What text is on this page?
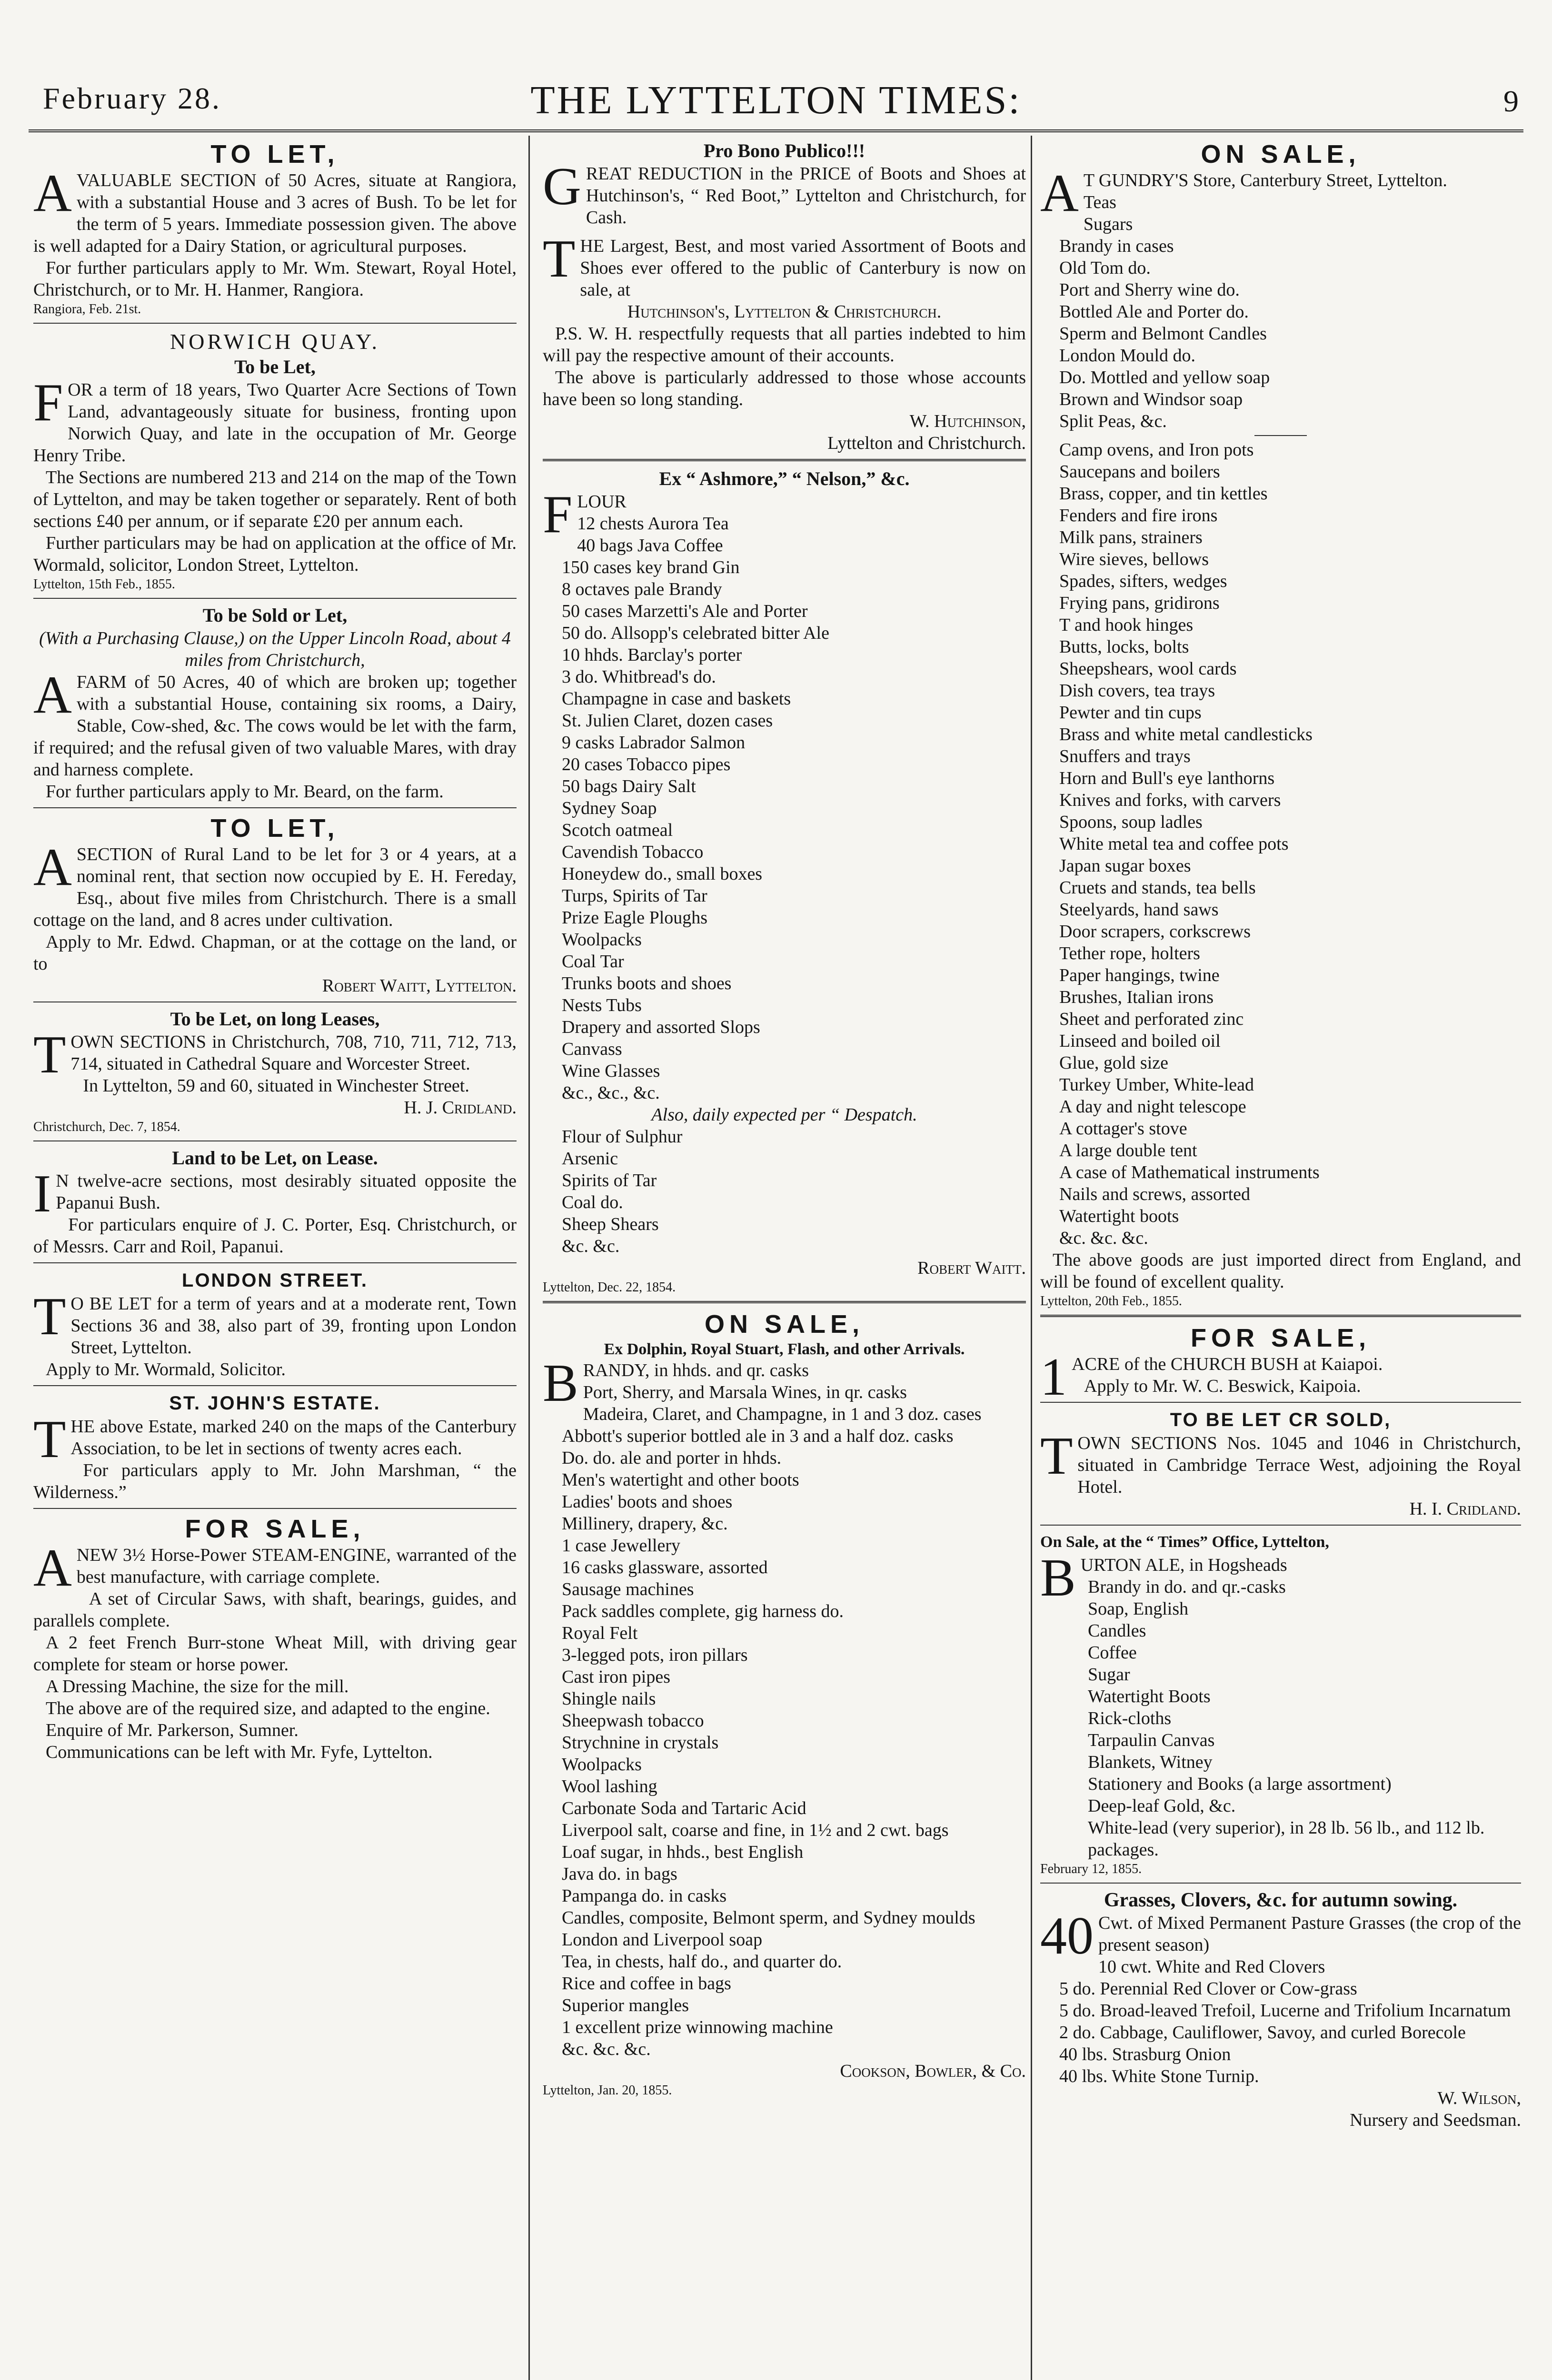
February 28.	THE LYTTELTON TIMES:	9
TO LET,

A VALUABLE SECTION of 50 Acres, situate at Rangiora, with a substantial House and 3 acres of Bush. To be let for the term of 5 years. Immediate possession given. The above is well adapted for a Dairy Station, or agricultural purposes.

For further particulars apply to Mr. Wm. Stewart, Royal Hotel, Christchurch, or to Mr. H. Hanmer, Rangiora.

Rangiora, Feb. 21st.
NORWICH QUAY.
To be Let,

FOR a term of 18 years, Two Quarter Acre Sections of Town Land, advantageously situate for business, fronting upon Norwich Quay, and late in the occupation of Mr. George Henry Tribe.

The Sections are numbered 213 and 214 on the map of the Town of Lyttelton, and may be taken together or separately. Rent of both sections £40 per annum, or if separate £20 per annum each.

Further particulars may be had on application at the office of Mr. Wormald, solicitor, London Street, Lyttelton.

Lyttelton, 15th Feb., 1855.
To be Sold or Let,
(With a Purchasing Clause,) on the Upper Lincoln Road, about 4 miles from Christchurch,

A FARM of 50 Acres, 40 of which are broken up; together with a substantial House, containing six rooms, a Dairy, Stable, Cow-shed, &c. The cows would be let with the farm, if required; and the refusal given of two valuable Mares, with dray and harness complete.

For further particulars apply to Mr. Beard, on the farm.

TO LET,

A SECTION of Rural Land to be let for 3 or 4 years, at a nominal rent, that section now occupied by E. H. Fereday, Esq., about five miles from Christchurch. There is a small cottage on the land, and 8 acres under cultivation.

Apply to Mr. Edwd. Chapman, or at the cottage on the land, or to

Robert Waitt, Lyttelton.
To be Let, on long Leases,

TOWN SECTIONS in Christchurch, 708, 710, 711, 712, 713, 714, situated in Cathedral Square and Worcester Street.

In Lyttelton, 59 and 60, situated in Winchester Street.

H. J. Cridland.
Christchurch, Dec. 7, 1854.
Land to be Let, on Lease.

I N twelve-acre sections, most desirably situated opposite the Papanui Bush.

For particulars enquire of J. C. Porter, Esq. Christchurch, or of Messrs. Carr and Roil, Papanui.

LONDON STREET.

T O BE LET for a term of years and at a moderate rent, Town Sections 36 and 38, also part of 39, fronting upon London Street, Lyttelton.

Apply to Mr. Wormald, Solicitor.

ST. JOHN'S ESTATE.

THE above Estate, marked 240 on the maps of the Canterbury Association, to be let in sections of twenty acres each.

For particulars apply to Mr. John Marshman, “ the Wilderness.”

FOR SALE,

A NEW 3½ Horse-Power STEAM-ENGINE, warranted of the best manufacture, with carriage complete.

A set of Circular Saws, with shaft, bearings, guides, and parallels complete.

A 2 feet French Burr-stone Wheat Mill, with driving gear complete for steam or horse power.

A Dressing Machine, the size for the mill.

The above are of the required size, and adapted to the engine.

Enquire of Mr. Parkerson, Sumner.

Communications can be left with Mr. Fyfe, Lyttelton.

Pro Bono Publico!!!

GREAT REDUCTION in the PRICE of Boots and Shoes at Hutchinson's, “ Red Boot,” Lyttelton and Christchurch, for Cash.

THE Largest, Best, and most varied Assortment of Boots and Shoes ever offered to the public of Canterbury is now on sale, at

Hutchinson's, Lyttelton & Christchurch.

P.S. W. H. respectfully requests that all parties indebted to him will pay the respective amount of their accounts.

The above is particularly addressed to those whose accounts have been so long standing.

W. Hutchinson,
Lyttelton and Christchurch.
Ex “ Ashmore,” “ Nelson,” &c.
FLOUR
12 chests Aurora Tea
40 bags Java Coffee
150 cases key brand Gin
8 octaves pale Brandy
50 cases Marzetti's Ale and Porter
50 do. Allsopp's celebrated bitter Ale
10 hhds. Barclay's porter
3 do. Whitbread's do.
Champagne in case and baskets
St. Julien Claret, dozen cases
9 casks Labrador Salmon
20 cases Tobacco pipes
50 bags Dairy Salt
Sydney Soap
Scotch oatmeal
Cavendish Tobacco
Honeydew do., small boxes
Turps, Spirits of Tar
Prize Eagle Ploughs
Woolpacks
Coal Tar
Trunks boots and shoes
Nests Tubs
Drapery and assorted Slops
Canvass
Wine Glasses
&c., &c., &c.
Also, daily expected per “ Despatch.
Flour of Sulphur
Arsenic
Spirits of Tar
Coal do.
Sheep Shears
&c. &c.
Robert Waitt.
Lyttelton, Dec. 22, 1854.
ON SALE,
Ex Dolphin, Royal Stuart, Flash, and other Arrivals.
BRANDY, in hhds. and qr. casks
Port, Sherry, and Marsala Wines, in qr. casks
Madeira, Claret, and Champagne, in 1 and 3 doz. cases
Abbott's superior bottled ale in 3 and a half doz. casks
Do. do. ale and porter in hhds.
Men's watertight and other boots
Ladies' boots and shoes
Millinery, drapery, &c.
1 case Jewellery
16 casks glassware, assorted
Sausage machines
Pack saddles complete, gig harness do.
Royal Felt
3-legged pots, iron pillars
Cast iron pipes
Shingle nails
Sheepwash tobacco
Strychnine in crystals
Woolpacks
Wool lashing
Carbonate Soda and Tartaric Acid
Liverpool salt, coarse and fine, in 1½ and 2 cwt. bags
Loaf sugar, in hhds., best English
Java do. in bags
Pampanga do. in casks
Candles, composite, Belmont sperm, and Sydney moulds
London and Liverpool soap
Tea, in chests, half do., and quarter do.
Rice and coffee in bags
Superior mangles
1 excellent prize winnowing machine
&c. &c. &c.
Cookson, Bowler, & Co.
Lyttelton, Jan. 20, 1855.
ON SALE,

A T GUNDRY'S Store, Canterbury Street, Lyttelton.

Teas
Sugars
Brandy in cases
Old Tom do.
Port and Sherry wine do.
Bottled Ale and Porter do.
Sperm and Belmont Candles
London Mould do.
Do. Mottled and yellow soap
Brown and Windsor soap
Split Peas, &c.
Camp ovens, and Iron pots
Saucepans and boilers
Brass, copper, and tin kettles
Fenders and fire irons
Milk pans, strainers
Wire sieves, bellows
Spades, sifters, wedges
Frying pans, gridirons
T and hook hinges
Butts, locks, bolts
Sheepshears, wool cards
Dish covers, tea trays
Pewter and tin cups
Brass and white metal candlesticks
Snuffers and trays
Horn and Bull's eye lanthorns
Knives and forks, with carvers
Spoons, soup ladles
White metal tea and coffee pots
Japan sugar boxes
Cruets and stands, tea bells
Steelyards, hand saws
Door scrapers, corkscrews
Tether rope, holters
Paper hangings, twine
Brushes, Italian irons
Sheet and perforated zinc
Linseed and boiled oil
Glue, gold size
Turkey Umber, White-lead
A day and night telescope
A cottager's stove
A large double tent
A case of Mathematical instruments
Nails and screws, assorted
Watertight boots
&c. &c. &c.

The above goods are just imported direct from England, and will be found of excellent quality.

Lyttelton, 20th Feb., 1855.
FOR SALE,

1 ACRE of the CHURCH BUSH at Kaiapoi.

Apply to Mr. W. C. Beswick, Kaipoia.

TO BE LET CR SOLD,

TOWN SECTIONS Nos. 1045 and 1046 in Christchurch, situated in Cambridge Terrace West, adjoining the Royal Hotel.

H. I. Cridland.
On Sale, at the “ Times” Office, Lyttelton,
BURTON ALE, in Hogsheads
Brandy in do. and qr.-casks
Soap, English
Candles
Coffee
Sugar
Watertight Boots
Rick-cloths
Tarpaulin Canvas
Blankets, Witney
Stationery and Books (a large assortment)
Deep-leaf Gold, &c.
White-lead (very superior), in 28 lb. 56 lb., and 112 lb. packages.
February 12, 1855.
Grasses, Clovers, &c. for autumn sowing.

40 Cwt. of Mixed Permanent Pasture Grasses (the crop of the present season)

10 cwt. White and Red Clovers
5 do. Perennial Red Clover or Cow-grass
5 do. Broad-leaved Trefoil, Lucerne and Trifolium Incarnatum
2 do. Cabbage, Cauliflower, Savoy, and curled Borecole
40 lbs. Strasburg Onion
40 lbs. White Stone Turnip.
W. Wilson,
Nursery and Seedsman.
